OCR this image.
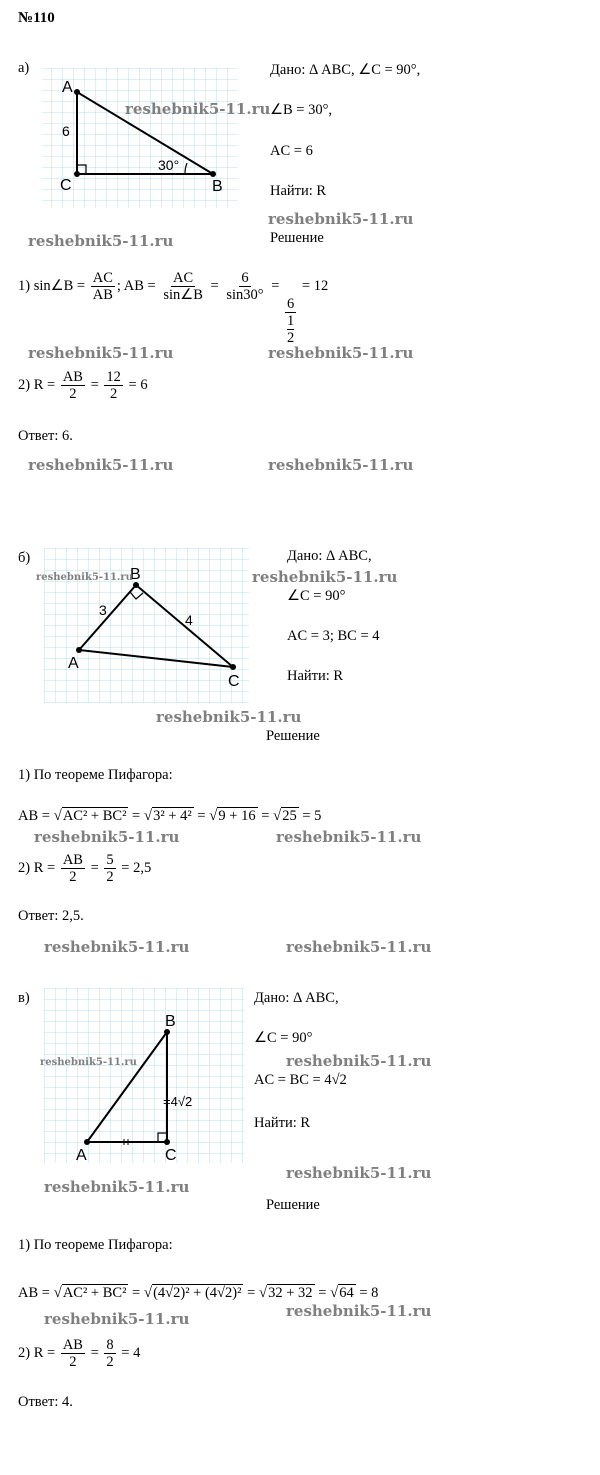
№110
а)
A
C	B
6
30°
Дано: Δ ABC, ∠C = 90°,
∠B = 30°,
AC = 6
Найти: R
Решение
1) sin∠B = $\frac{AC}{AB}$ ; AB = $\frac{AC}{\sin\angle B} = \frac{6}{\sin 30^\circ}$ =
6
1
2
= 12
2) $R = \frac{AB}{2} = \frac{12}{2} = 6$
Ответ: 6.
б)
A
B
C
3
4
Дано: Δ ABC,
∠C = 90°
AC = 3; BC = 4
Найти: R
Решение
1) По теореме Пифагора:
AB = √AC² + BC² = √3² + 4² = √9 + 16 = √25 = 5
2) $R = \frac{AB}{2} = \frac{5}{2} = 2,5$
Ответ: 2,5.
в)
A	C
B
=4√2
Дано: Δ ABC,
∠C = 90°
AC = BC = 4√2
Найти: R
Решение
1) По теореме Пифагора:
AB = √AC² + BC² = √(4√2)² + (4√2)² = √32 + 32 = √64 = 8
2) $R = \frac{AB}{2} = \frac{8}{2} = 4$
Ответ: 4.
reshebnik5-11.ru
reshebnik5-11.ru
reshebnik5-11.ru
reshebnik5-11.ru	reshebnik5-11.ru
reshebnik5-11.ru	reshebnik5-11.ru
reshebnik5-11.ru	reshebnik5-11.ru
reshebnik5-11.ru
reshebnik5-11.ru	reshebnik5-11.ru
reshebnik5-11.ru	reshebnik5-11.ru
reshebnik5-11.ru	reshebnik5-11.ru
reshebnik5-11.ru
reshebnik5-11.ru
reshebnik5-11.ru
reshebnik5-11.ru
